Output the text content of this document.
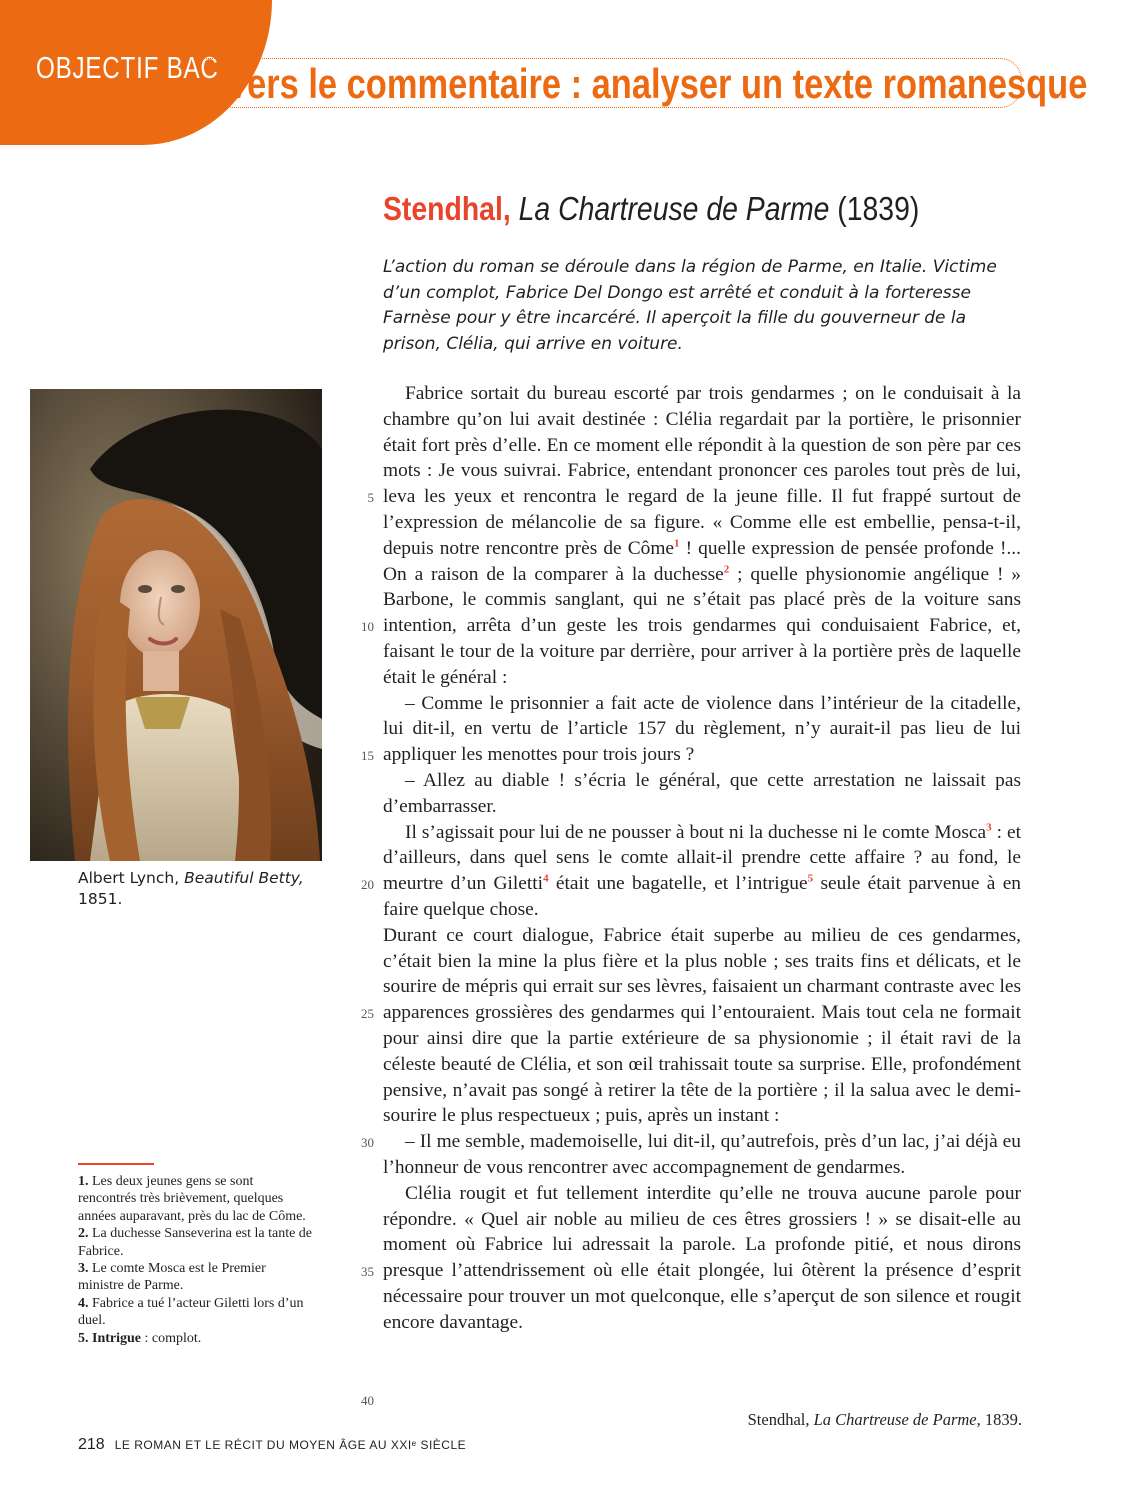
OBJECTIF BAC Vers le commentaire : analyser un texte romanesque
Stendhal, La Chartreuse de Parme (1839)
L’action du roman se déroule dans la région de Parme, en Italie. Victime d’un complot, Fabrice Del Dongo est arrêté et conduit à la forteresse Farnèse pour y être incarcéré. Il aperçoit la fille du gouverneur de la prison, Clélia, qui arrive en voiture.
Albert Lynch, Beautiful Betty,
1851.
1. Les deux jeunes gens se sont rencontrés très brièvement, quelques années auparavant, près du lac de Côme.
2. La duchesse Sanseverina est la tante de Fabrice.
3. Le comte Mosca est le Premier ministre de Parme.
4. Fabrice a tué l’acteur Giletti lors d’un duel.
5. Intrigue : complot.
5
10
15
20
25
30
35
40

Fabrice sortait du bureau escorté par trois gendarmes ; on le conduisait à la chambre qu’on lui avait destinée : Clélia regardait par la portière, le prisonnier était fort près d’elle. En ce moment elle répondit à la question de son père par ces mots : Je vous suivrai. Fabrice, entendant prononcer ces paroles tout près de lui, leva les yeux et rencontra le regard de la jeune fille. Il fut frappé surtout de l’expression de mélancolie de sa figure. « Comme elle est embellie, pensa-t-il, depuis notre rencontre près de Côme$^1$ ! quelle expression de pensée profonde !... On a raison de la comparer à la duchesse$^2$ ; quelle physionomie angélique ! » Barbone, le commis sanglant, qui ne s’était pas placé près de la voiture sans intention, arrêta d’un geste les trois gendarmes qui conduisaient Fabrice, et, faisant le tour de la voiture par derrière, pour arriver à la portière près de laquelle était le général :

– Comme le prisonnier a fait acte de violence dans l’intérieur de la citadelle, lui dit-il, en vertu de l’article 157 du règlement, n’y aurait-il pas lieu de lui appliquer les menottes pour trois jours ?

– Allez au diable ! s’écria le général, que cette arrestation ne laissait pas d’embarrasser.

Il s’agissait pour lui de ne pousser à bout ni la duchesse ni le comte Mosca$^3$ : et d’ailleurs, dans quel sens le comte allait-il prendre cette affaire ? au fond, le meurtre d’un Giletti$^4$ était une bagatelle, et l’intrigue$^5$ seule était parvenue à en faire quelque chose.

Durant ce court dialogue, Fabrice était superbe au milieu de ces gendarmes, c’était bien la mine la plus fière et la plus noble ; ses traits fins et délicats, et le sourire de mépris qui errait sur ses lèvres, faisaient un charmant contraste avec les apparences grossières des gendarmes qui l’entouraient. Mais tout cela ne formait pour ainsi dire que la partie extérieure de sa physionomie ; il était ravi de la céleste beauté de Clélia, et son œil trahissait toute sa surprise. Elle, profondément pensive, n’avait pas songé à retirer la tête de la portière ; il la salua avec le demi-sourire le plus respectueux ; puis, après un instant :

– Il me semble, mademoiselle, lui dit-il, qu’autrefois, près d’un lac, j’ai déjà eu l’honneur de vous rencontrer avec accompagnement de gendarmes.

Clélia rougit et fut tellement interdite qu’elle ne trouva aucune parole pour répondre. « Quel air noble au milieu de ces êtres grossiers ! » se disait-elle au moment où Fabrice lui adressait la parole. La profonde pitié, et nous dirons presque l’attendrissement où elle était plongée, lui ôtèrent la présence d’esprit nécessaire pour trouver un mot quelconque, elle s’aperçut de son silence et rougit encore davantage.

Stendhal, La Chartreuse de Parme, 1839.
218 LE ROMAN ET LE RÉCIT DU MOYEN ÂGE AU XXIᵉ SIÈCLE
